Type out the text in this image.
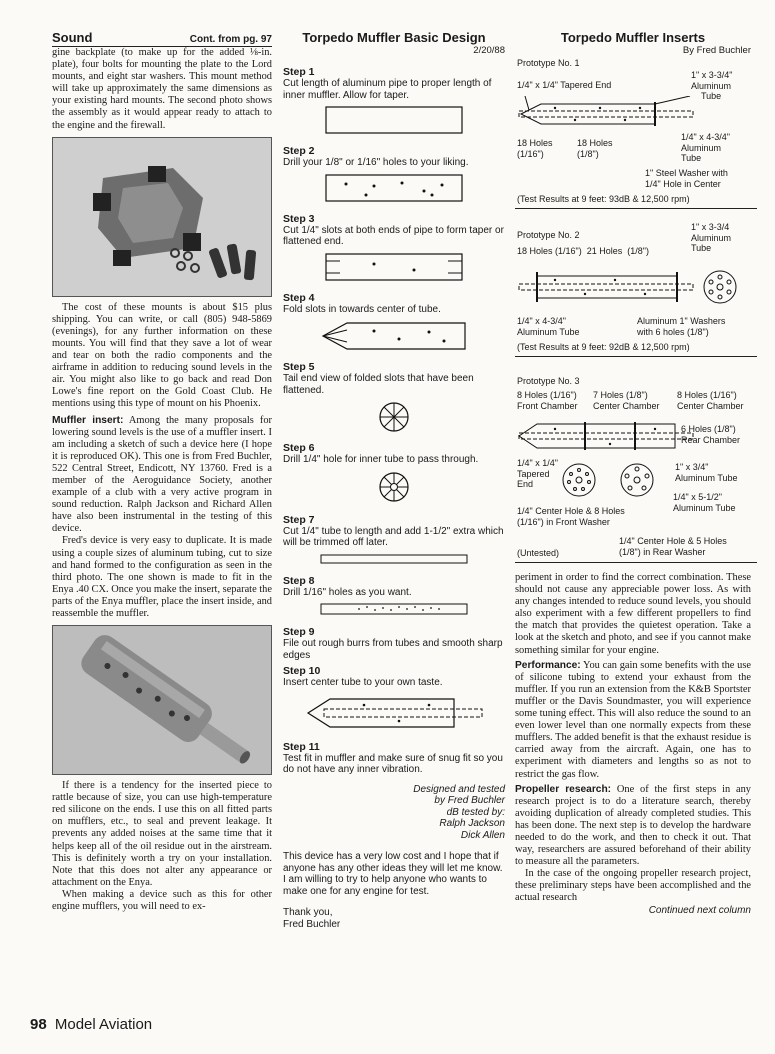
Sound	Cont. from pg. 97

gine backplate (to make up for the added ⅛-in. plate), four bolts for mounting the plate to the Lord mounts, and eight star washers. This mount method will take up approximately the same dimensions as your existing hard mounts. The second photo shows the assembly as it would appear ready to attach to the engine and the firewall.

The cost of these mounts is about $15 plus shipping. You can write, or call (805) 948-5869 (evenings), for any further information on these mounts. You will find that they save a lot of wear and tear on both the radio components and the airframe in addition to reducing sound levels in the air. You might also like to go back and read Don Lowe's fine report on the Gold Coast Club. He mentions using this type of mount on his Phoenix.

Muffler insert: Among the many proposals for lowering sound levels is the use of a muffler insert. I am including a sketch of such a device here (I hope it is reproduced OK). This one is from Fred Buchler, 522 Central Street, Endicott, NY 13760. Fred is a member of the Aeroguidance Society, another example of a club with a very active program in sound reduction. Ralph Jackson and Richard Allen have also been instrumental in the testing of this device.

Fred's device is very easy to duplicate. It is made using a couple sizes of aluminum tubing, cut to size and hand formed to the configuration as seen in the third photo. The one shown is made to fit in the Enya .40 CX. Once you make the insert, separate the parts of the Enya muffler, place the insert inside, and reassemble the muffler.

If there is a tendency for the inserted piece to rattle because of size, you can use high-temperature red silicone on the ends. I use this on all fitted parts on mufflers, etc., to seal and prevent leakage. It prevents any added noises at the same time that it helps keep all of the oil residue out in the airstream. This is definitely worth a try on your installation. Note that this does not alter any appearance or attachment on the Enya.

When making a device such as this for other engine mufflers, you will need to ex-

Torpedo Muffler Basic Design
2/20/88
Step 1
Cut length of aluminum pipe to proper length of inner muffler. Allow for taper.
Step 2
Drill your 1/8" or 1/16" holes to your liking.
Step 3
Cut 1/4" slots at both ends of pipe to form taper or flattened end.
Step 4
Fold slots in towards center of tube.
Step 5
Tail end view of folded slots that have been flattened.
Step 6
Drill 1/4" hole for inner tube to pass through.
Step 7
Cut 1/4" tube to length and add 1-1/2" extra which will be trimmed off later.
Step 8
Drill 1/16" holes as you want.
Step 9
File out rough burrs from tubes and smooth sharp edges
Step 10
Insert center tube to your own taste.
Step 11
Test fit in muffler and make sure of snug fit so you do not have any inner vibration.
Designed and tested
by Fred Buchler
dB tested by:
Ralph Jackson
Dick Allen

This device has a very low cost and I hope that if anyone has any other ideas they will let me know. I am willing to try to help anyone who wants to make one for any engine for test.

Thank you,

Fred Buchler

Torpedo Muffler Inserts
By Fred Buchler
Prototype No. 1
1/4" x 1/4" Tapered End
1" x 3-3/4"
Aluminum
Tube
18 Holes
(1/16")
18 Holes
(1/8")
1/4" x 4-3/4"
Aluminum
Tube
1" Steel Washer with
1/4" Hole in Center
(Test Results at 9 feet: 93dB & 12,500 rpm)
Prototype No. 2
1" x 3-3/4
Aluminum
Tube
18 Holes (1/16") 21 Holes (1/8")
1/4" x 4-3/4"
Aluminum Tube
Aluminum 1" Washers
with 6 holes (1/8")
(Test Results at 9 feet: 92dB & 12,500 rpm)
Prototype No. 3
8 Holes (1/16")
Front Chamber
7 Holes (1/8")
Center Chamber
8 Holes (1/16")
Center Chamber
6 Holes (1/8")
Rear Chamber
1/4" x 1/4"
Tapered
End
1" x 3/4"
Aluminum Tube
1/4" x 5-1/2"
Aluminum Tube
1/4" Center Hole & 8 Holes
(1/16") in Front Washer
1/4" Center Hole & 5 Holes
(1/8") in Rear Washer
(Untested)

periment in order to find the correct combination. These should not cause any appreciable power loss. As with any changes intended to reduce sound levels, you should also experiment with a few different propellers to find the match that provides the quietest operation. Take a look at the sketch and photo, and see if you cannot make something similar for your engine.

Performance: You can gain some benefits with the use of silicone tubing to extend your exhaust from the muffler. If you run an extension from the K&B Sportster muffler or the Davis Soundmaster, you will experience some tuning effect. This will also reduce the sound to an even lower level than one normally expects from these mufflers. The added benefit is that the exhaust residue is carried away from the aircraft. Again, one has to experiment with diameters and lengths so as not to restrict the gas flow.

Propeller research: One of the first steps in any research project is to do a literature search, thereby avoiding duplication of already completed studies. This has been done. The next step is to develop the hardware needed to do the work, and then to check it out. That way, researchers are assured beforehand of their ability to measure all the parameters.

In the case of the ongoing propeller research project, these preliminary steps have been accomplished and the actual research

Continued next column
98 Model Aviation
